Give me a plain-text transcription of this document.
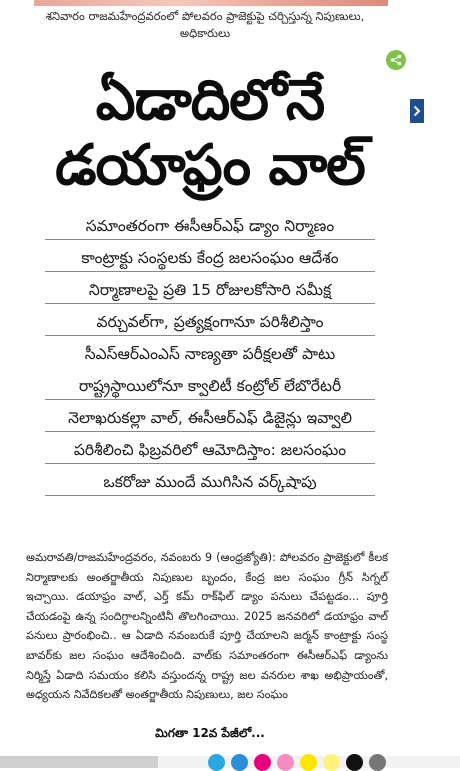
శనివారం రాజమహేంద్రవరంలో పోలవరం ప్రాజెక్టుపై చర్చిస్తున్న నిపుణులు, అధికారులు
ఏడాదిలోనే
డయాఫ్రం వాల్
సమాంతరంగా ఈసీఆర్ఎఫ్ డ్యాం నిర్మాణం
కాంట్రాక్టు సంస్థలకు కేంద్ర జలసంఘం ఆదేశం
నిర్మాణాలపై ప్రతి 15 రోజులకోసారి సమీక్ష
వర్చువల్‌గా, ప్రత్యక్షంగానూ పరిశీలిస్తాం
సీఎస్ఆర్ఎంఎస్ నాణ్యతా పరీక్షలతో పాటు
రాష్ట్రస్థాయిలోనూ క్వాలిటీ కంట్రోల్ లేబొరేటరీ
నెలాఖరుకల్లా వాల్, ఈసీఆర్ఎఫ్ డిజైన్లు ఇవ్వాలి
పరిశీలించి ఫిబ్రవరిలో ఆమోదిస్తాం: జలసంఘం
ఒకరోజు ముందే ముగిసిన వర్క్‌షాపు

అమరావతి/రాజమహేంద్రవరం, నవంబరు 9 (ఆంధ్రజ్యోతి): పోలవరం ప్రాజెక్టులో కీలక నిర్మాణాలకు అంతర్జాతీయ నిపుణుల బృందం, కేంద్ర జల సంఘం గ్రీన్ సిగ్నల్ ఇచ్చాయి. డయాఫ్రం వాల్, ఎర్త్ కమ్ రాక్‌ఫిల్ డ్యాం పనులు చేపట్టడం... పూర్తి చేయడంపై ఉన్న సందిగ్ధాలన్నింటినీ తొలగించాయి. 2025 జనవరిలో డయాఫ్రం వాల్ పనులు ప్రారంభించి.. ఆ ఏడాది నవంబరుకే పూర్తి చేయాలని జర్మన్ కాంట్రాక్టు సంస్థ బావర్‌కు జల సంఘం ఆదేశించింది. వాల్‌కు సమాంతరంగా ఈసీఆర్ఎఫ్ డ్యాంను నిర్మిస్తే ఏడాది సమయం కలిసి వస్తుందన్న రాష్ట్ర జల వనరుల శాఖ అభిప్రాయంతో, అధ్యయన నివేదికలతో అంతర్జాతీయ నిపుణులు, జల సంఘం

మిగతా 12వ పేజీలో...
